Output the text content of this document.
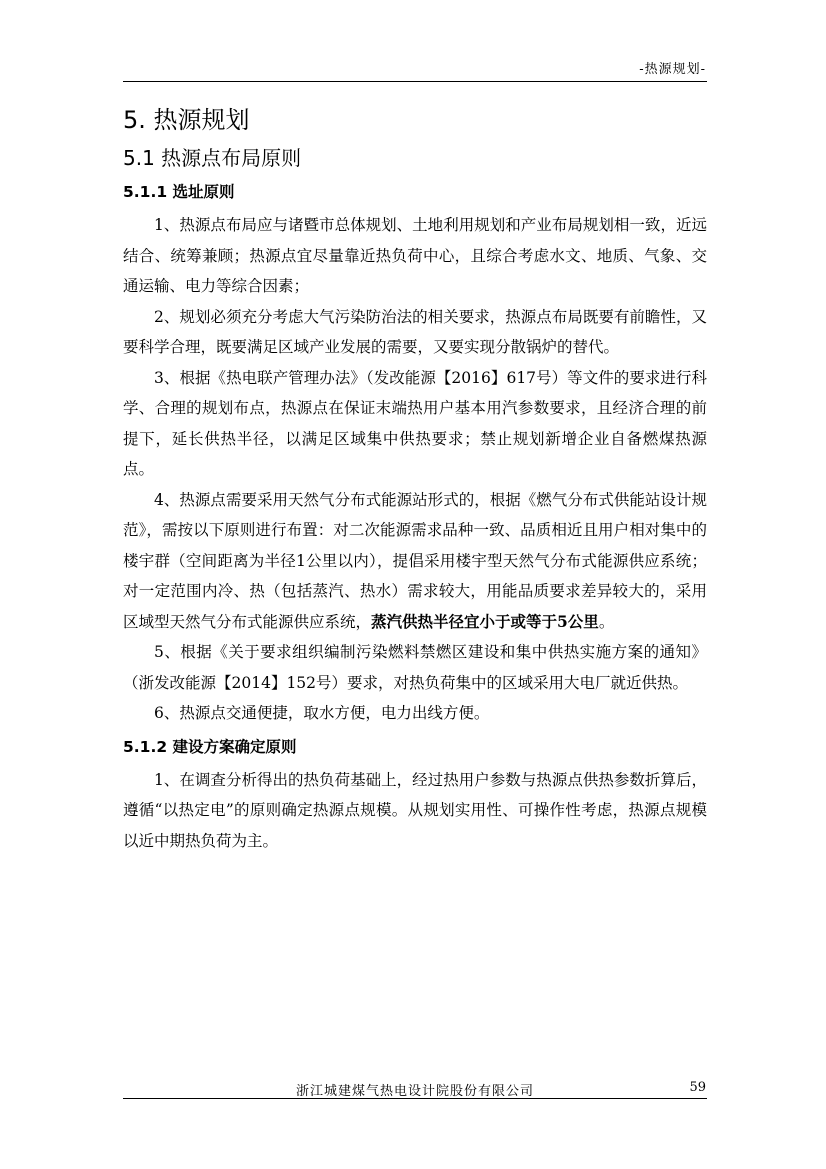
-热源规划-
5. 热源规划
5.1 热源点布局原则
5.1.1 选址原则

1、热源点布局应与诸暨市总体规划、土地利用规划和产业布局规划相一致，近远结合、统筹兼顾；热源点宜尽量靠近热负荷中心，且综合考虑水文、地质、气象、交通运输、电力等综合因素；

2、规划必须充分考虑大气污染防治法的相关要求，热源点布局既要有前瞻性，又要科学合理，既要满足区域产业发展的需要，又要实现分散锅炉的替代。

3、根据《热电联产管理办法》（发改能源【2016】617号）等文件的要求进行科学、合理的规划布点，热源点在保证末端热用户基本用汽参数要求，且经济合理的前提下，延长供热半径，以满足区域集中供热要求；禁止规划新增企业自备燃煤热源点。

4、热源点需要采用天然气分布式能源站形式的，根据《燃气分布式供能站设计规范》，需按以下原则进行布置：对二次能源需求品种一致、品质相近且用户相对集中的楼宇群（空间距离为半径1公里以内），提倡采用楼宇型天然气分布式能源供应系统；对一定范围内冷、热（包括蒸汽、热水）需求较大，用能品质要求差异较大的，采用区域型天然气分布式能源供应系统，蒸汽供热半径宜小于或等于5公里。

5、根据《关于要求组织编制污染燃料禁燃区建设和集中供热实施方案的通知》（浙发改能源【2014】152号）要求，对热负荷集中的区域采用大电厂就近供热。

6、热源点交通便捷，取水方便，电力出线方便。

5.1.2 建设方案确定原则

1、在调查分析得出的热负荷基础上，经过热用户参数与热源点供热参数折算后，遵循“以热定电”的原则确定热源点规模。从规划实用性、可操作性考虑，热源点规模以近中期热负荷为主。

浙江城建煤气热电设计院股份有限公司	59
